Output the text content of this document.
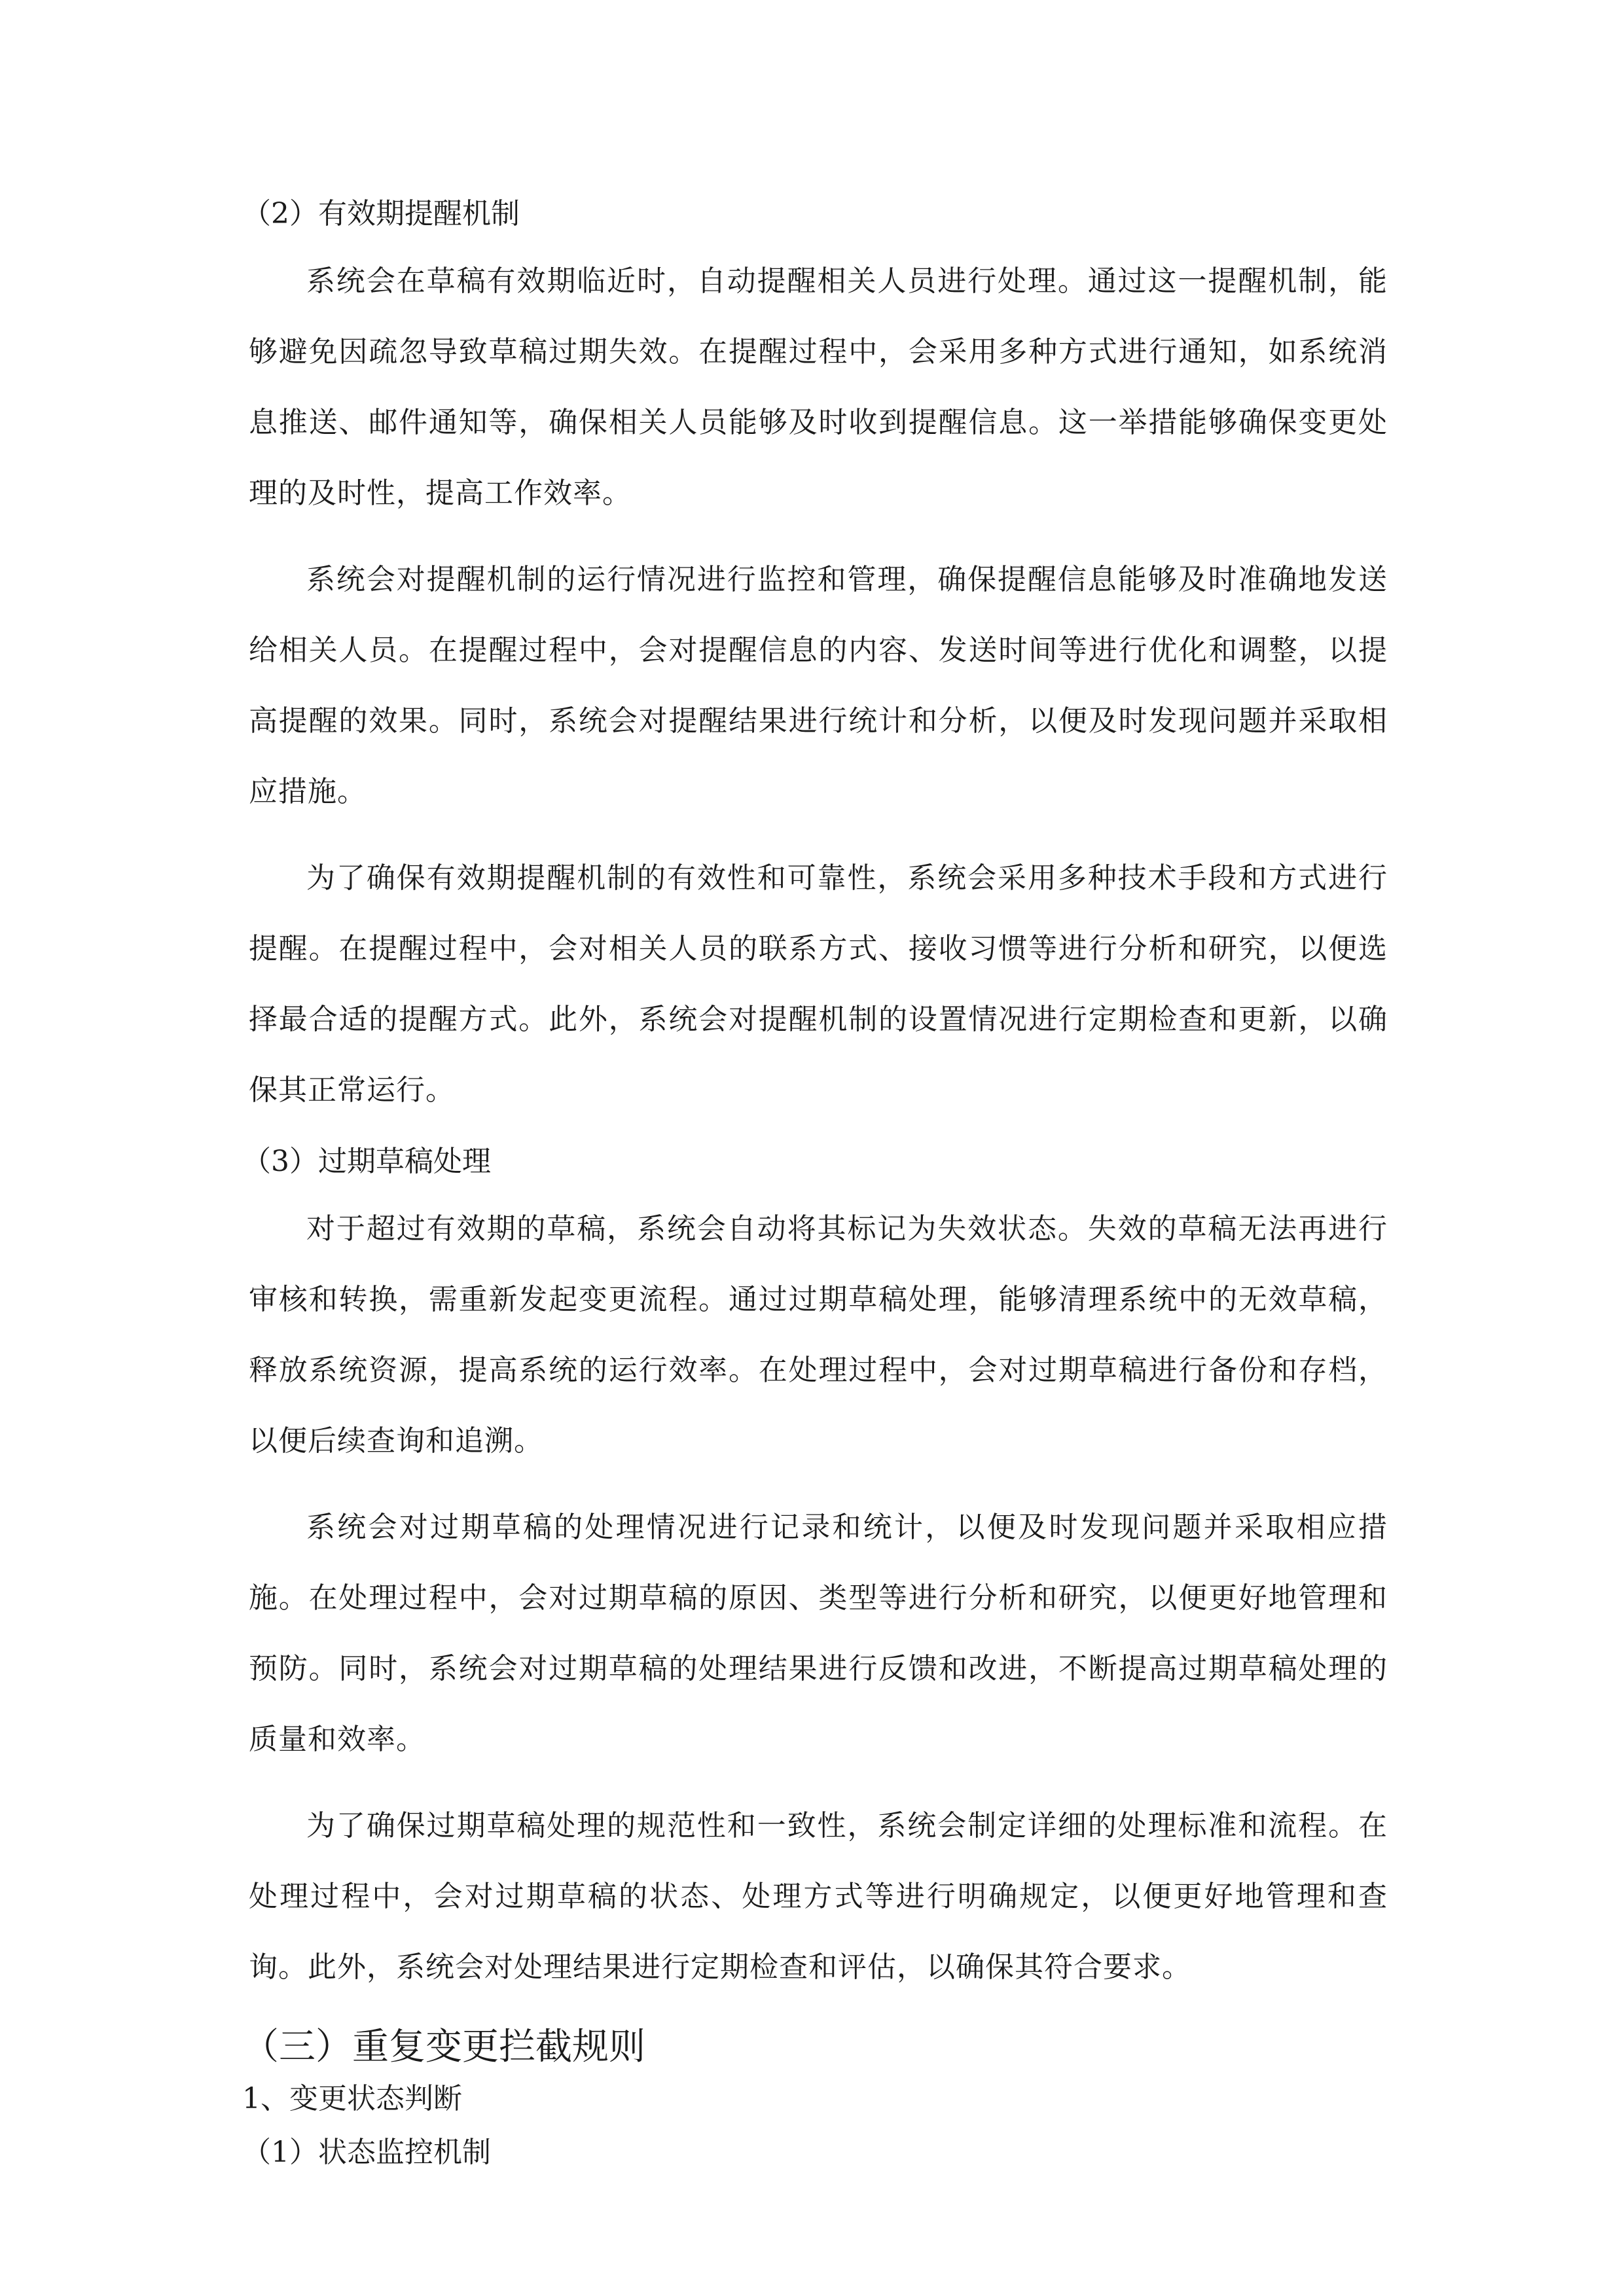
（2）有效期提醒机制

系统会在草稿有效期临近时，自动提醒相关人员进行处理。通过这一提醒机制，能够避免因疏忽导致草稿过期失效。在提醒过程中，会采用多种方式进行通知，如系统消息推送、邮件通知等，确保相关人员能够及时收到提醒信息。这一举措能够确保变更处理的及时性，提高工作效率。

系统会对提醒机制的运行情况进行监控和管理，确保提醒信息能够及时准确地发送给相关人员。在提醒过程中，会对提醒信息的内容、发送时间等进行优化和调整，以提高提醒的效果。同时，系统会对提醒结果进行统计和分析，以便及时发现问题并采取相应措施。

为了确保有效期提醒机制的有效性和可靠性，系统会采用多种技术手段和方式进行提醒。在提醒过程中，会对相关人员的联系方式、接收习惯等进行分析和研究，以便选择最合适的提醒方式。此外，系统会对提醒机制的设置情况进行定期检查和更新，以确保其正常运行。

（3）过期草稿处理

对于超过有效期的草稿，系统会自动将其标记为失效状态。失效的草稿无法再进行审核和转换，需重新发起变更流程。通过过期草稿处理，能够清理系统中的无效草稿，释放系统资源，提高系统的运行效率。在处理过程中，会对过期草稿进行备份和存档，以便后续查询和追溯。

系统会对过期草稿的处理情况进行记录和统计，以便及时发现问题并采取相应措施。在处理过程中，会对过期草稿的原因、类型等进行分析和研究，以便更好地管理和预防。同时，系统会对过期草稿的处理结果进行反馈和改进，不断提高过期草稿处理的质量和效率。

为了确保过期草稿处理的规范性和一致性，系统会制定详细的处理标准和流程。在处理过程中，会对过期草稿的状态、处理方式等进行明确规定，以便更好地管理和查询。此外，系统会对处理结果进行定期检查和评估，以确保其符合要求。

（三）重复变更拦截规则
1、变更状态判断
（1）状态监控机制
